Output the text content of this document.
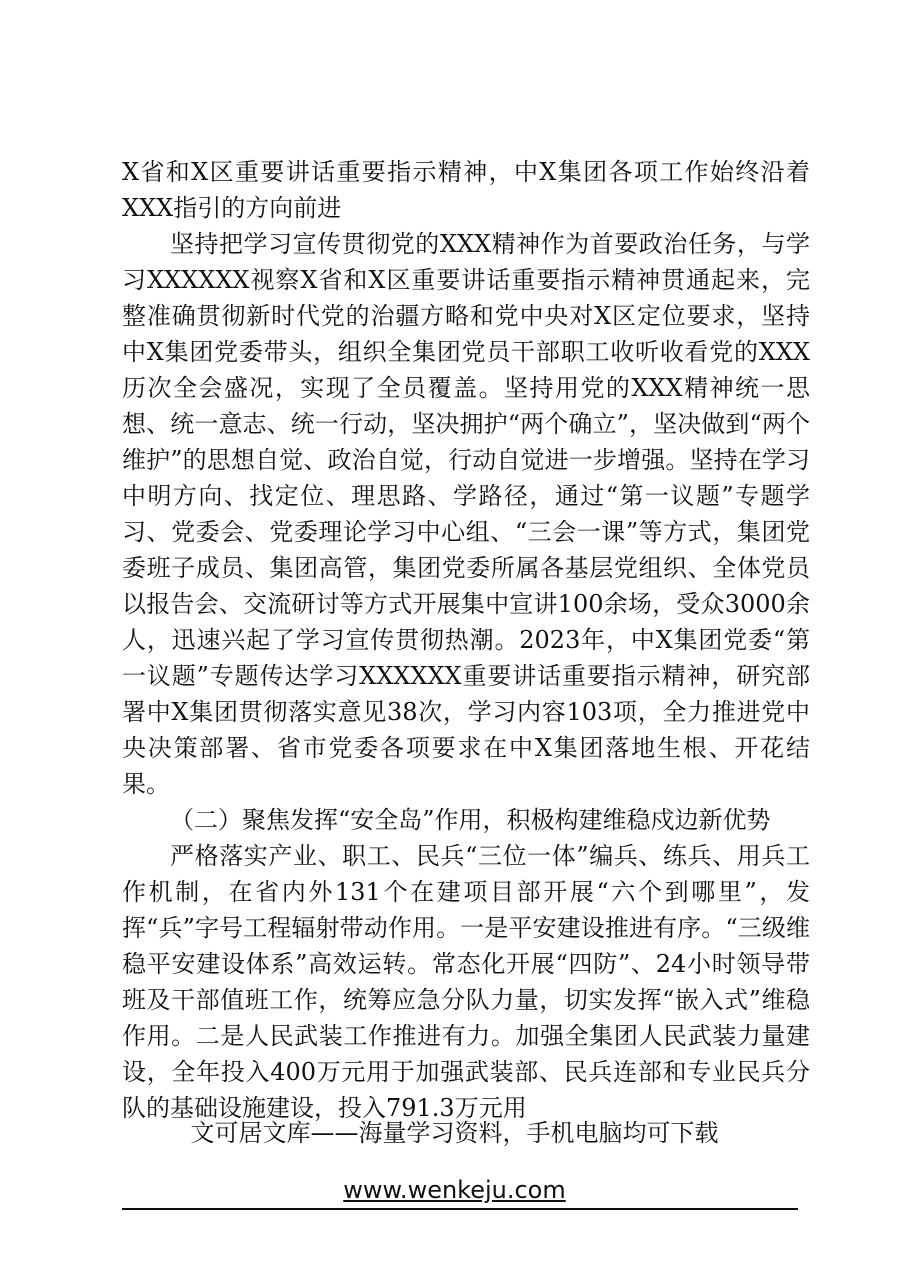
X省和X区重要讲话重要指示精神，中X集团各项工作始终沿着XXX指引的方向前进

坚持把学习宣传贯彻党的XXX精神作为首要政治任务，与学习XXXXXX视察X省和X区重要讲话重要指示精神贯通起来，完整准确贯彻新时代党的治疆方略和党中央对X区定位要求，坚持中X集团党委带头，组织全集团党员干部职工收听收看党的XXX历次全会盛况，实现了全员覆盖。坚持用党的XXX精神统一思想、统一意志、统一行动，坚决拥护“两个确立”，坚决做到“两个维护”的思想自觉、政治自觉，行动自觉进一步增强。坚持在学习中明方向、找定位、理思路、学路径，通过“第一议题”专题学习、党委会、党委理论学习中心组、“三会一课”等方式，集团党委班子成员、集团高管，集团党委所属各基层党组织、全体党员以报告会、交流研讨等方式开展集中宣讲100余场，受众3000余人，迅速兴起了学习宣传贯彻热潮。2023年，中X集团党委“第一议题”专题传达学习XXXXXX重要讲话重要指示精神，研究部署中X集团贯彻落实意见38次，学习内容103项，全力推进党中央决策部署、省市党委各项要求在中X集团落地生根、开花结果。

（二）聚焦发挥“安全岛”作用，积极构建维稳戍边新优势

严格落实产业、职工、民兵“三位一体”编兵、练兵、用兵工作机制，在省内外131个在建项目部开展“六个到哪里”，发挥“兵”字号工程辐射带动作用。一是平安建设推进有序。“三级维稳平安建设体系”高效运转。常态化开展“四防”、24小时领导带班及干部值班工作，统筹应急分队力量，切实发挥“嵌入式”维稳作用。二是人民武装工作推进有力。加强全集团人民武装力量建设，全年投入400万元用于加强武装部、民兵连部和专业民兵分队的基础设施建设，投入791.3万元用

文可居文库——海量学习资料，手机电脑均可下载
www.wenkeju.com
